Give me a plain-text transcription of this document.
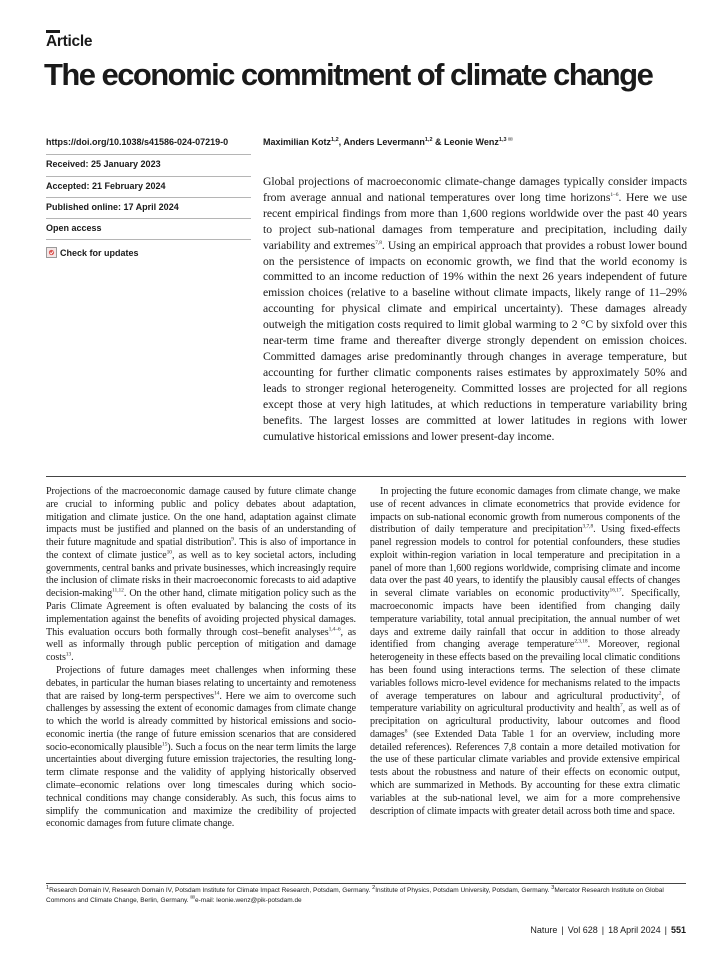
Article
The economic commitment of climate change
https://doi.org/10.1038/s41586-024-07219-0
Received: 25 January 2023
Accepted: 21 February 2024
Published online: 17 April 2024
Open access
Check for updates
Maximilian Kotz$^{1,2}$, Anders Levermann$^{1,2}$ & Leonie Wenz$^{1,3 ✉}$

Global projections of macroeconomic climate-change damages typically consider impacts from average annual and national temperatures over long time horizons$^{1-6}$. Here we use recent empirical findings from more than 1,600 regions worldwide over the past 40 years to project sub-national damages from temperature and precipitation, including daily variability and extremes$^{7,8}$. Using an empirical approach that provides a robust lower bound on the persistence of impacts on economic growth, we find that the world economy is committed to an income reduction of 19% within the next 26 years independent of future emission choices (relative to a baseline without climate impacts, likely range of 11–29% accounting for physical climate and empirical uncertainty). These damages already outweigh the mitigation costs required to limit global warming to 2 °C by sixfold over this near-term time frame and thereafter diverge strongly dependent on emission choices. Committed damages arise predominantly through changes in average temperature, but accounting for further climatic components raises estimates by approximately 50% and leads to stronger regional heterogeneity. Committed losses are projected for all regions except those at very high latitudes, at which reductions in temperature variability bring benefits. The largest losses are committed at lower latitudes in regions with lower cumulative historical emissions and lower present-day income.

Projections of the macroeconomic damage caused by future climate change are crucial to informing public and policy debates about adaptation, mitigation and climate justice. On the one hand, adaptation against climate impacts must be justified and planned on the basis of an understanding of their future magnitude and spatial distribution$^9$. This is also of importance in the context of climate justice$^{10}$, as well as to key societal actors, including governments, central banks and private businesses, which increasingly require the inclusion of climate risks in their macroeconomic forecasts to aid adaptive decision-making$^{11,12}$. On the other hand, climate mitigation policy such as the Paris Climate Agreement is often evaluated by balancing the costs of its implementation against the benefits of avoiding projected physical damages. This evaluation occurs both formally through cost–benefit analyses$^{1,4-6}$, as well as informally through public perception of mitigation and damage costs$^{13}$.

Projections of future damages meet challenges when informing these debates, in particular the human biases relating to uncertainty and remoteness that are raised by long-term perspectives$^{14}$. Here we aim to overcome such challenges by assessing the extent of economic damages from climate change to which the world is already committed by historical emissions and socio-economic inertia (the range of future emission scenarios that are considered socio-economically plausible$^{15}$). Such a focus on the near term limits the large uncertainties about diverging future emission trajectories, the resulting long-term climate response and the validity of applying historically observed climate–economic relations over long timescales during which socio-technical conditions may change considerably. As such, this focus aims to simplify the communication and maximize the credibility of projected economic damages from future climate change.

In projecting the future economic damages from climate change, we make use of recent advances in climate econometrics that provide evidence for impacts on sub-national economic growth from numerous components of the distribution of daily temperature and precipitation$^{3,7,8}$. Using fixed-effects panel regression models to control for potential confounders, these studies exploit within-region variation in local temperature and precipitation in a panel of more than 1,600 regions worldwide, comprising climate and income data over the past 40 years, to identify the plausibly causal effects of changes in several climate variables on economic productivity$^{16,17}$. Specifically, macroeconomic impacts have been identified from changing daily temperature variability, total annual precipitation, the annual number of wet days and extreme daily rainfall that occur in addition to those already identified from changing average temperature$^{2,3,18}$. Moreover, regional heterogeneity in these effects based on the prevailing local climatic conditions has been found using interactions terms. The selection of these climate variables follows micro-level evidence for mechanisms related to the impacts of average temperatures on labour and agricultural productivity$^2$, of temperature variability on agricultural productivity and health$^7$, as well as of precipitation on agricultural productivity, labour outcomes and flood damages$^8$ (see Extended Data Table 1 for an overview, including more detailed references). References 7,8 contain a more detailed motivation for the use of these particular climate variables and provide extensive empirical tests about the robustness and nature of their effects on economic output, which are summarized in Methods. By accounting for these extra climatic variables at the sub-national level, we aim for a more comprehensive description of climate impacts with greater detail across both time and space.

$^1$Research Domain IV, Research Domain IV, Potsdam Institute for Climate Impact Research, Potsdam, Germany. $^2$Institute of Physics, Potsdam University, Potsdam, Germany. $^3$Mercator Research Institute on Global Commons and Climate Change, Berlin, Germany. ✉e-mail: leonie.wenz@pik-potsdam.de

Nature | Vol 628 | 18 April 2024 | 551
